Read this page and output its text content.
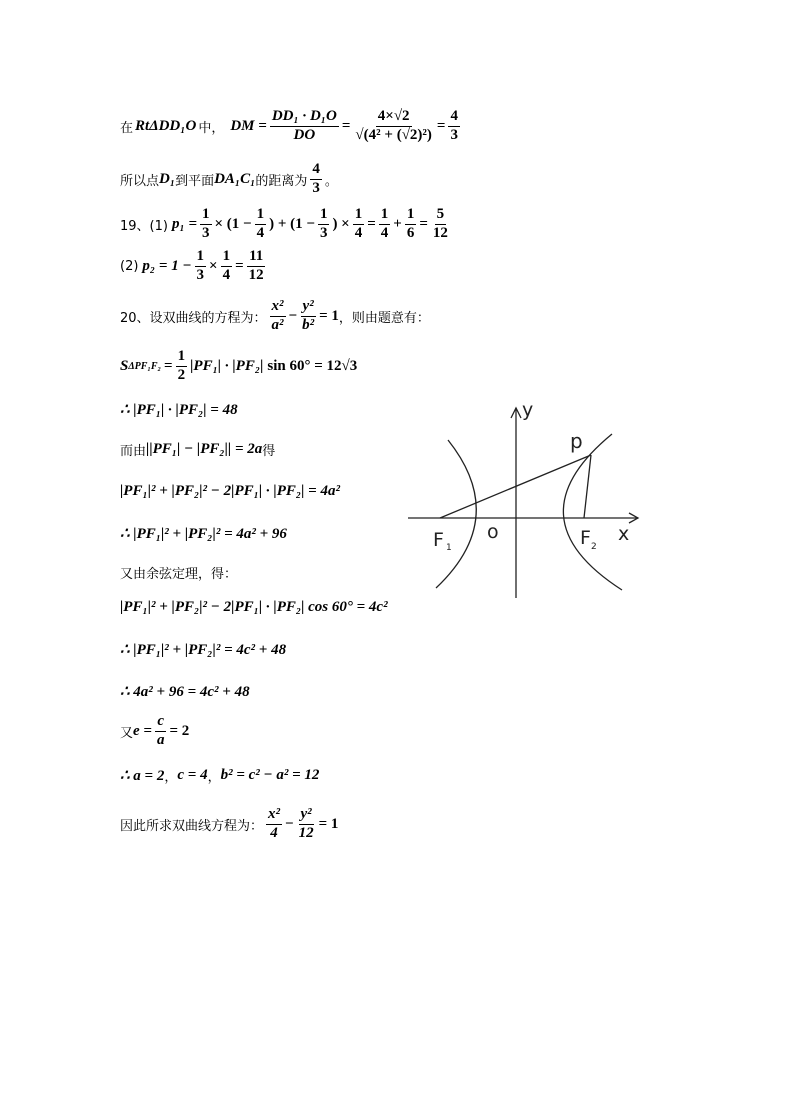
在 RtΔDD₁O 中， DM = $\frac{\text{DD₁ · D₁O}}{DO} = \frac{4\times√2}{\text{√(4² + (√2)²)}} = \frac{4}{3}$
所以点 D₁ 到平面 DA₁C₁ 的距离为 $\frac{4}{3}$ 。
19、(1) $p_1 = \frac{1}{3} \times (1 - \frac{1}{4}$ ) + ($1 - \frac{1}{3}$ ) × $\frac{1}{4} = \frac{1}{4} + \frac{1}{6} = \frac{5}{12}$
(2) $p_2 = 1 - \frac{1}{3} \times \frac{1}{4} = \frac{11}{12}$
20、设双曲线的方程为： $\frac{\text{x²}}{\text{a²}} - \frac{\text{y²}}{\text{b²}} = 1$ ，则由题意有：
S $\Delta PF_1F_2 = \frac{1}{2} |PF_1| \cdot |PF_2|$ sin 60° = 12√3
∴ |PF₁| · |PF₂| = 48
而由 ||PF₁| − |PF₂|| = 2a 得
|PF₁|² + |PF₂|² − 2|PF₁| · |PF₂| = 4a²
∴ |PF₁|² + |PF₂|² = 4a² + 96
又由余弦定理，得：
|PF₁|² + |PF₂|² − 2|PF₁| · |PF₂| cos 60° = 4c²
∴ |PF₁|² + |PF₂|² = 4c² + 48
∴ 4a² + 96 = 4c² + 48
又 $e = \frac{c}{a} = 2$
∴ a = 2 ， c = 4 ， b² = c² − a² = 12
因此所求双曲线方程为： $\frac{\text{x²}}{4} - \frac{\text{y²}}{12} = 1$
y
x
p
o
F 1	F 2
